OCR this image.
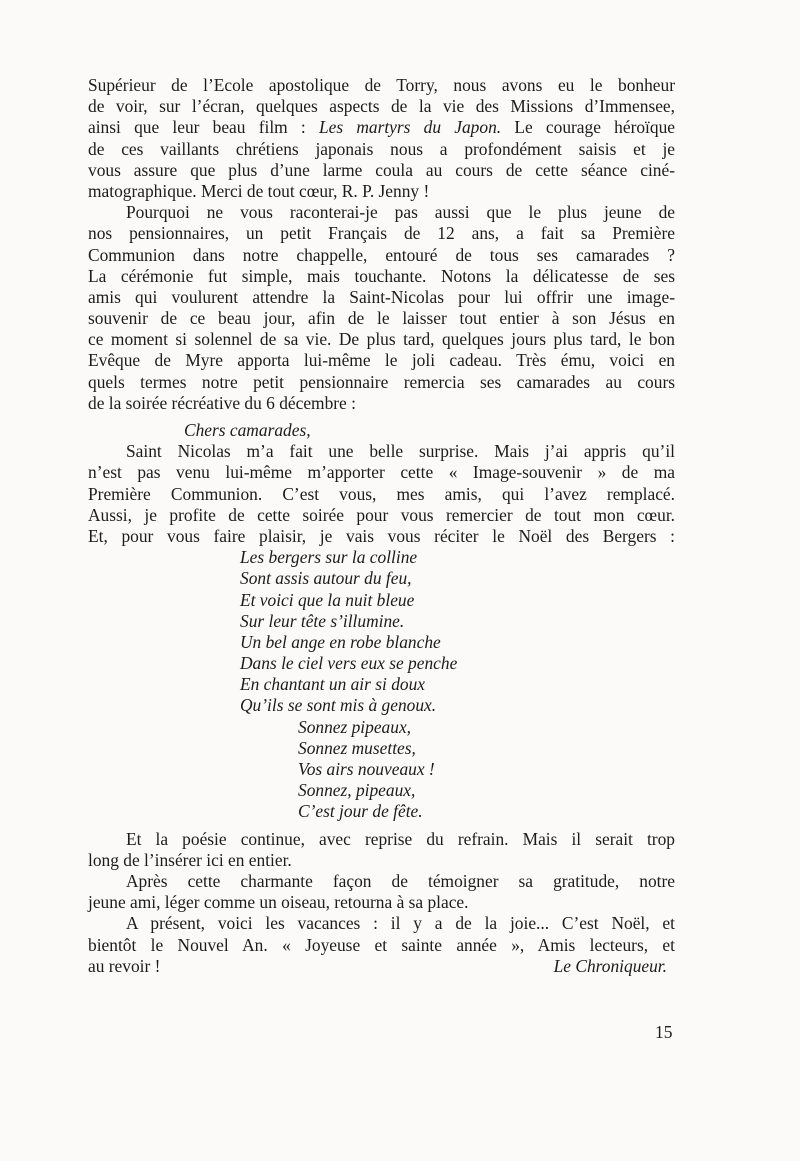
Supérieur de l’Ecole apostolique de Torry, nous avons eu le bonheur
de voir, sur l’écran, quelques aspects de la vie des Missions d’Immensee,
ainsi que leur beau film : Les martyrs du Japon. Le courage héroïque
de ces vaillants chrétiens japonais nous a profondément saisis et je
vous assure que plus d’une larme coula au cours de cette séance ciné-
matographique. Merci de tout cœur, R. P. Jenny !
Pourquoi ne vous raconterai-je pas aussi que le plus jeune de
nos pensionnaires, un petit Français de 12 ans, a fait sa Première
Communion dans notre chappelle, entouré de tous ses camarades ?
La cérémonie fut simple, mais touchante. Notons la délicatesse de ses
amis qui voulurent attendre la Saint-Nicolas pour lui offrir une image-
souvenir de ce beau jour, afin de le laisser tout entier à son Jésus en
ce moment si solennel de sa vie. De plus tard, quelques jours plus tard, le bon
Evêque de Myre apporta lui-même le joli cadeau. Très ému, voici en
quels termes notre petit pensionnaire remercia ses camarades au cours
de la soirée récréative du 6 décembre :
Chers camarades,
Saint Nicolas m’a fait une belle surprise. Mais j’ai appris qu’il
n’est pas venu lui-même m’apporter cette « Image-souvenir » de ma
Première Communion. C’est vous, mes amis, qui l’avez remplacé.
Aussi, je profite de cette soirée pour vous remercier de tout mon cœur.
Et, pour vous faire plaisir, je vais vous réciter le Noël des Bergers :
Les bergers sur la colline
Sont assis autour du feu,
Et voici que la nuit bleue
Sur leur tête s’illumine.
Un bel ange en robe blanche
Dans le ciel vers eux se penche
En chantant un air si doux
Qu’ils se sont mis à genoux.
Sonnez pipeaux,
Sonnez musettes,
Vos airs nouveaux !
Sonnez, pipeaux,
C’est jour de fête.
Et la poésie continue, avec reprise du refrain. Mais il serait trop
long de l’insérer ici en entier.
Après cette charmante façon de témoigner sa gratitude, notre
jeune ami, léger comme un oiseau, retourna à sa place.
A présent, voici les vacances : il y a de la joie... C’est Noël, et
bientôt le Nouvel An. « Joyeuse et sainte année », Amis lecteurs, et
au revoir !	Le Chroniqueur.
15
